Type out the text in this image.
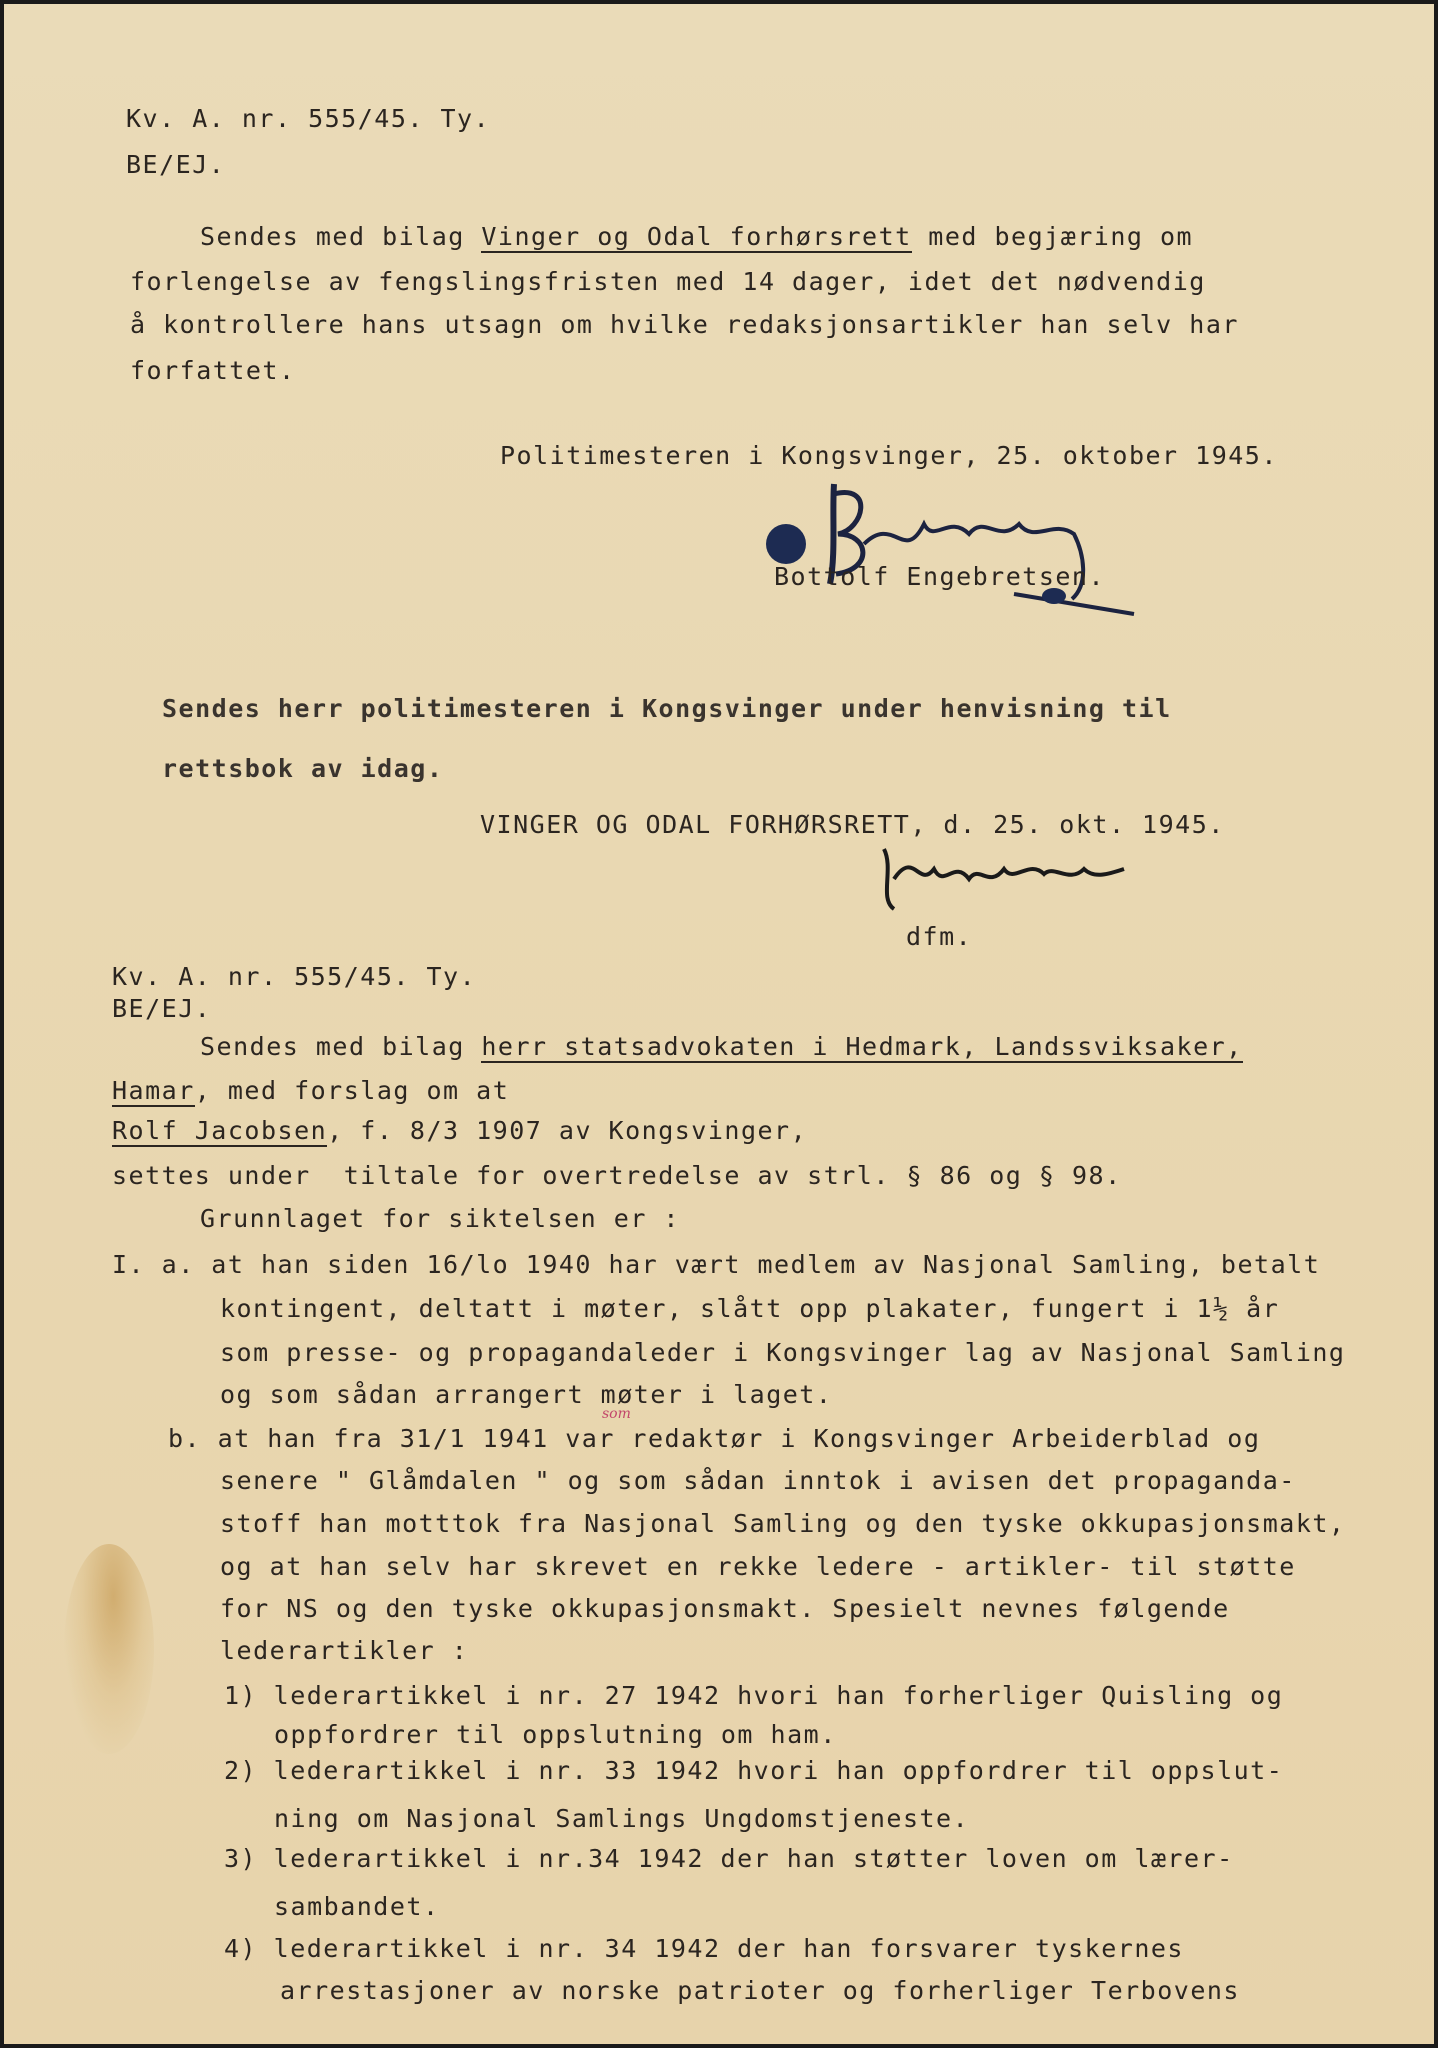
Kv. A. nr. 555/45. Ty.
BE/EJ.
Sendes med bilag Vinger og Odal forhørsrett med begjæring om
forlengelse av fengslingsfristen med 14 dager, idet det nødvendig
å kontrollere hans utsagn om hvilke redaksjonsartikler han selv har
forfattet.
Politimesteren i Kongsvinger, 25. oktober 1945.
Bottolf Engebretsen.
Sendes herr politimesteren i Kongsvinger under henvisning til
rettsbok av idag.
VINGER OG ODAL FORHØRSRETT, d. 25. okt. 1945.
dfm.
Kv. A. nr. 555/45. Ty.
BE/EJ.
Sendes med bilag herr statsadvokaten i Hedmark, Landssviksaker,
Hamar, med forslag om at
Rolf Jacobsen, f. 8/3 1907 av Kongsvinger,
settes under  tiltale for overtredelse av strl. § 86 og § 98.
Grunnlaget for siktelsen er :
I. a. at han siden 16/lo 1940 har vært medlem av Nasjonal Samling, betalt
kontingent, deltatt i møter, slått opp plakater, fungert i 1½ år
som presse- og propagandaleder i Kongsvinger lag av Nasjonal Samling
og som sådan arrangert møter i laget.
som
b. at han fra 31/1 1941 var redaktør i Kongsvinger Arbeiderblad og
senere " Glåmdalen " og som sådan inntok i avisen det propaganda-
stoff han motttok fra Nasjonal Samling og den tyske okkupasjonsmakt,
og at han selv har skrevet en rekke ledere - artikler- til støtte
for NS og den tyske okkupasjonsmakt. Spesielt nevnes følgende
lederartikler :
1) lederartikkel i nr. 27 1942 hvori han forherliger Quisling og
oppfordrer til oppslutning om ham.
2) lederartikkel i nr. 33 1942 hvori han oppfordrer til oppslut-
ning om Nasjonal Samlings Ungdomstjeneste.
3) lederartikkel i nr.34 1942 der han støtter loven om lærer-
sambandet.
4) lederartikkel i nr. 34 1942 der han forsvarer tyskernes
arrestasjoner av norske patrioter og forherliger Terbovens
